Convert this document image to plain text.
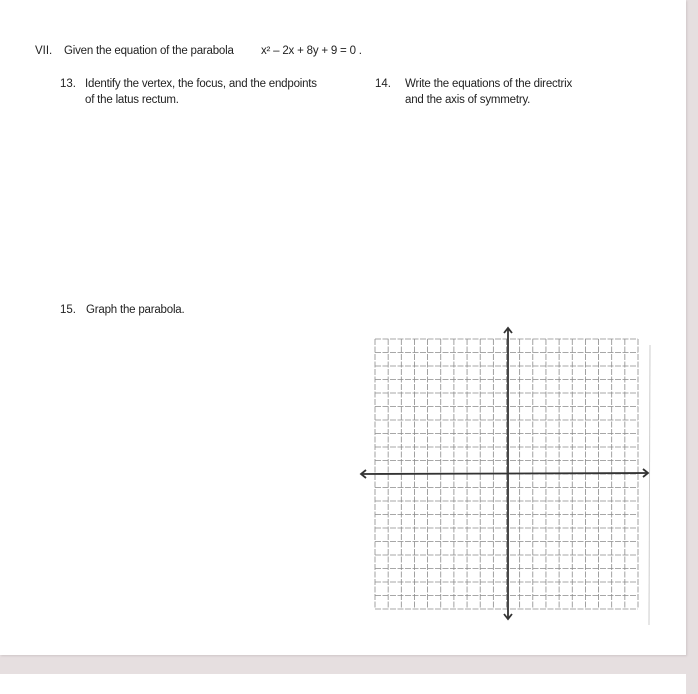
VII. Given the equation of the parabola x² – 2x + 8y + 9 = 0 .
13. Identify the vertex, the focus, and the endpoints
of the latus rectum.
14. Write the equations of the directrix
and the axis of symmetry.
15. Graph the parabola.
